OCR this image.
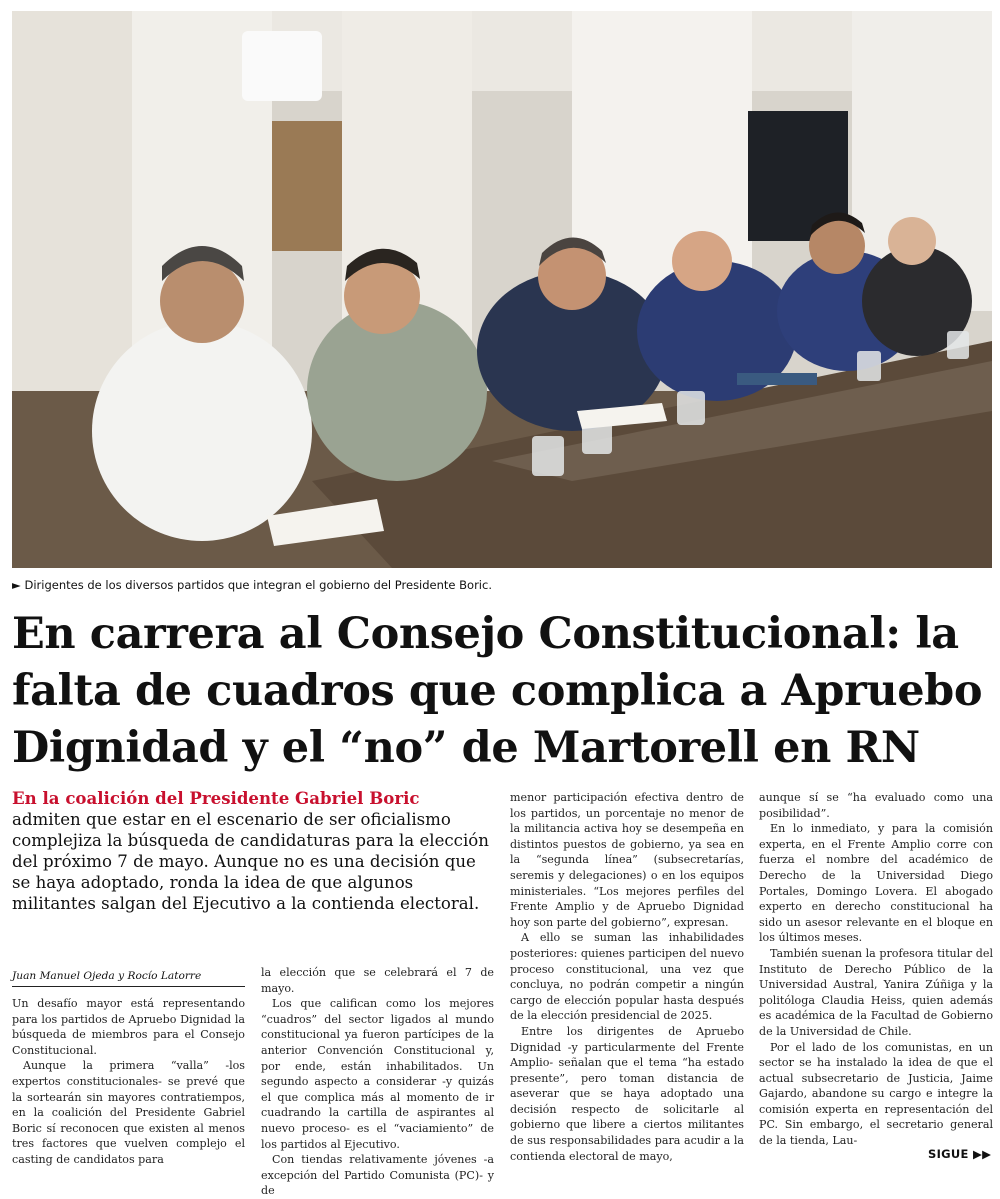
► Dirigentes de los diversos partidos que integran el gobierno del Presidente Boric.
En carrera al Consejo Constitucional: la falta de cuadros que complica a Apruebo Dignidad y el “no” de Martorell en RN

En la coalición del Presidente Gabriel Boric admiten que estar en el escenario de ser oficialismo complejiza la búsqueda de candidaturas para la elección del próximo 7 de mayo. Aunque no es una decisión que se haya adoptado, ronda la idea de que algunos militantes salgan del Ejecutivo a la contienda electoral.

Juan Manuel Ojeda y Rocío Latorre

Un desafío mayor está representando para los partidos de Apruebo Dignidad la búsqueda de miembros para el Consejo Constitucional.

Aunque la primera “valla” -los expertos constitucionales- se prevé que la sortearán sin mayores contratiempos, en la coalición del Presidente Gabriel Boric sí reconocen que existen al menos tres factores que vuelven complejo el casting de candidatos para

la elección que se celebrará el 7 de mayo.

Los que califican como los mejores “cuadros” del sector ligados al mundo constitucional ya fueron partícipes de la anterior Convención Constitucional y, por ende, están inhabilitados. Un segundo aspecto a considerar -y quizás el que complica más al momento de ir cuadrando la cartilla de aspirantes al nuevo proceso- es el “vaciamiento” de los partidos al Ejecutivo.

Con tiendas relativamente jóvenes -a excepción del Partido Comunista (PC)- y de

menor participación efectiva dentro de los partidos, un porcentaje no menor de la militancia activa hoy se desempeña en distintos puestos de gobierno, ya sea en la “segunda línea” (subsecretarías, seremis y delegaciones) o en los equipos ministeriales. “Los mejores perfiles del Frente Amplio y de Apruebo Dignidad hoy son parte del gobierno”, expresan.

A ello se suman las inhabilidades posteriores: quienes participen del nuevo proceso constitucional, una vez que concluya, no podrán competir a ningún cargo de elección popular hasta después de la elección presidencial de 2025.

Entre los dirigentes de Apruebo Dignidad -y particularmente del Frente Amplio- señalan que el tema “ha estado presente”, pero toman distancia de aseverar que se haya adoptado una decisión respecto de solicitarle al gobierno que libere a ciertos militantes de sus responsabilidades para acudir a la contienda electoral de mayo,

aunque sí se “ha evaluado como una posibilidad”.

En lo inmediato, y para la comisión experta, en el Frente Amplio corre con fuerza el nombre del académico de Derecho de la Universidad Diego Portales, Domingo Lovera. El abogado experto en derecho constitucional ha sido un asesor relevante en el bloque en los últimos meses.

También suenan la profesora titular del Instituto de Derecho Público de la Universidad Austral, Yanira Zúñiga y la politóloga Claudia Heiss, quien además es académica de la Facultad de Gobierno de la Universidad de Chile.

Por el lado de los comunistas, en un sector se ha instalado la idea de que el actual subsecretario de Justicia, Jaime Gajardo, abandone su cargo e integre la comisión experta en representación del PC. Sin embargo, el secretario general de la tienda, Lau-

SIGUE ▶▶
